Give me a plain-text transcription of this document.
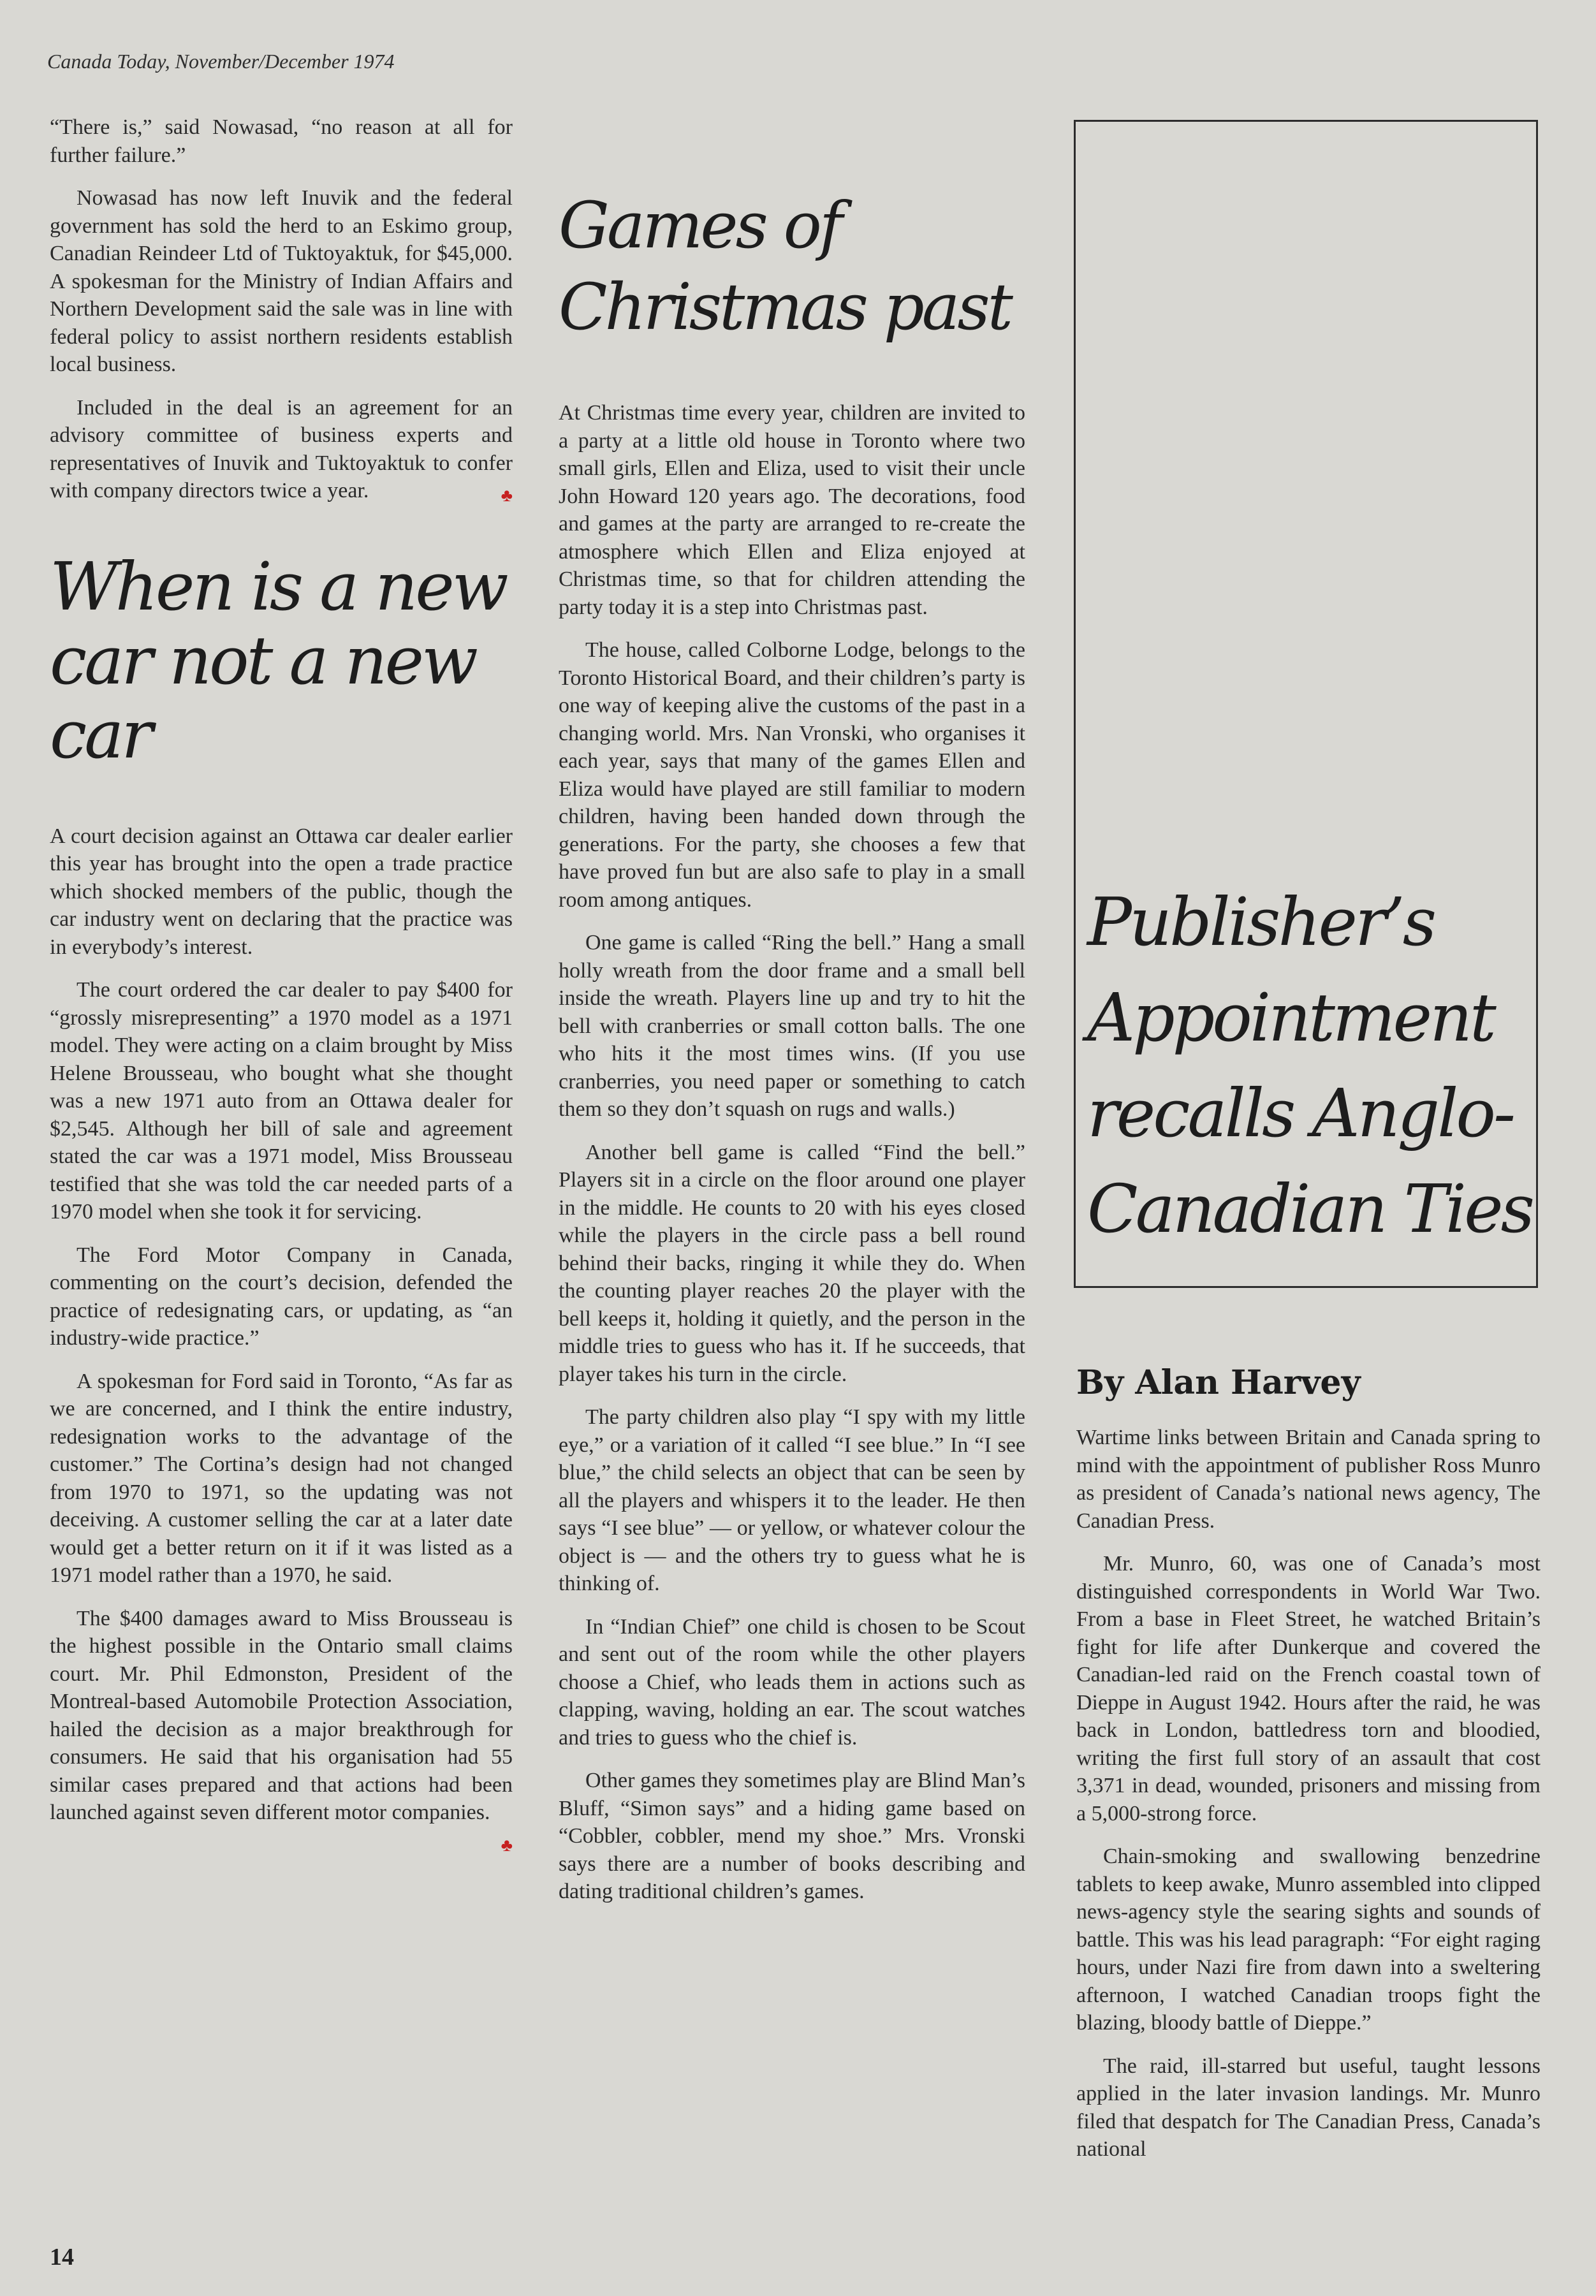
Canada Today, November/December 1974

“There is,” said Nowasad, “no reason at all for further failure.”

Nowasad has now left Inuvik and the federal government has sold the herd to an Eskimo group, Canadian Reindeer Ltd of Tuktoyaktuk, for $45,000. A spokesman for the Ministry of Indian Affairs and Northern Development said the sale was in line with federal policy to assist northern residents establish local business.

Included in the deal is an agreement for an advisory committee of business experts and representatives of Inuvik and Tuktoyaktuk to confer with company directors twice a year.	♣

When is a new car not a new car

A court decision against an Ottawa car dealer earlier this year has brought into the open a trade practice which shocked members of the public, though the car industry went on declaring that the practice was in everybody’s interest.

The court ordered the car dealer to pay $400 for “grossly misrepresenting” a 1970 model as a 1971 model. They were acting on a claim brought by Miss Helene Brousseau, who bought what she thought was a new 1971 auto from an Ottawa dealer for $2,545. Although her bill of sale and agreement stated the car was a 1971 model, Miss Brousseau testified that she was told the car needed parts of a 1970 model when she took it for servicing.

The Ford Motor Company in Canada, commenting on the court’s decision, defended the practice of redesignating cars, or updating, as “an industry-wide practice.”

A spokesman for Ford said in Toronto, “As far as we are concerned, and I think the entire industry, redesignation works to the advantage of the customer.” The Cortina’s design had not changed from 1970 to 1971, so the updating was not deceiving. A customer selling the car at a later date would get a better return on it if it was listed as a 1971 model rather than a 1970, he said.

The $400 damages award to Miss Brousseau is the highest possible in the Ontario small claims court. Mr. Phil Edmonston, President of the Montreal-based Automobile Protection Association, hailed the decision as a major breakthrough for consumers. He said that his organisation had 55 similar cases prepared and that actions had been launched against seven different motor companies.
♣

Games of Christmas past

At Christmas time every year, children are invited to a party at a little old house in Toronto where two small girls, Ellen and Eliza, used to visit their uncle John Howard 120 years ago. The decorations, food and games at the party are arranged to re-create the atmosphere which Ellen and Eliza enjoyed at Christmas time, so that for children attending the party today it is a step into Christmas past.

The house, called Colborne Lodge, belongs to the Toronto Historical Board, and their children’s party is one way of keeping alive the customs of the past in a changing world. Mrs. Nan Vronski, who organises it each year, says that many of the games Ellen and Eliza would have played are still familiar to modern children, having been handed down through the generations. For the party, she chooses a few that have proved fun but are also safe to play in a small room among antiques.

One game is called “Ring the bell.” Hang a small holly wreath from the door frame and a small bell inside the wreath. Players line up and try to hit the bell with cranberries or small cotton balls. The one who hits it the most times wins. (If you use cranberries, you need paper or something to catch them so they don’t squash on rugs and walls.)

Another bell game is called “Find the bell.” Players sit in a circle on the floor around one player in the middle. He counts to 20 with his eyes closed while the players in the circle pass a bell round behind their backs, ringing it while they do. When the counting player reaches 20 the player with the bell keeps it, holding it quietly, and the person in the middle tries to guess who has it. If he succeeds, that player takes his turn in the circle.

The party children also play “I spy with my little eye,” or a variation of it called “I see blue.” In “I see blue,” the child selects an object that can be seen by all the players and whispers it to the leader. He then says “I see blue” — or yellow, or whatever colour the object is — and the others try to guess what he is thinking of.

In “Indian Chief” one child is chosen to be Scout and sent out of the room while the other players choose a Chief, who leads them in actions such as clapping, waving, holding an ear. The scout watches and tries to guess who the chief is.

Other games they sometimes play are Blind Man’s Bluff, “Simon says” and a hiding game based on “Cobbler, cobbler, mend my shoe.” Mrs. Vronski says there are a number of books describing and dating traditional children’s games.

Publisher’s Appointment recalls Anglo-Canadian Ties
By Alan Harvey

Wartime links between Britain and Canada spring to mind with the appointment of publisher Ross Munro as president of Canada’s national news agency, The Canadian Press.

Mr. Munro, 60, was one of Canada’s most distinguished correspondents in World War Two. From a base in Fleet Street, he watched Britain’s fight for life after Dunkerque and covered the Canadian-led raid on the French coastal town of Dieppe in August 1942. Hours after the raid, he was back in London, battledress torn and bloodied, writing the first full story of an assault that cost 3,371 in dead, wounded, prisoners and missing from a 5,000-strong force.

Chain-smoking and swallowing benzedrine tablets to keep awake, Munro assembled into clipped news-agency style the searing sights and sounds of battle. This was his lead paragraph: “For eight raging hours, under Nazi fire from dawn into a sweltering afternoon, I watched Canadian troops fight the blazing, bloody battle of Dieppe.”

The raid, ill-starred but useful, taught lessons applied in the later invasion landings. Mr. Munro filed that despatch for The Canadian Press, Canada’s national

14
